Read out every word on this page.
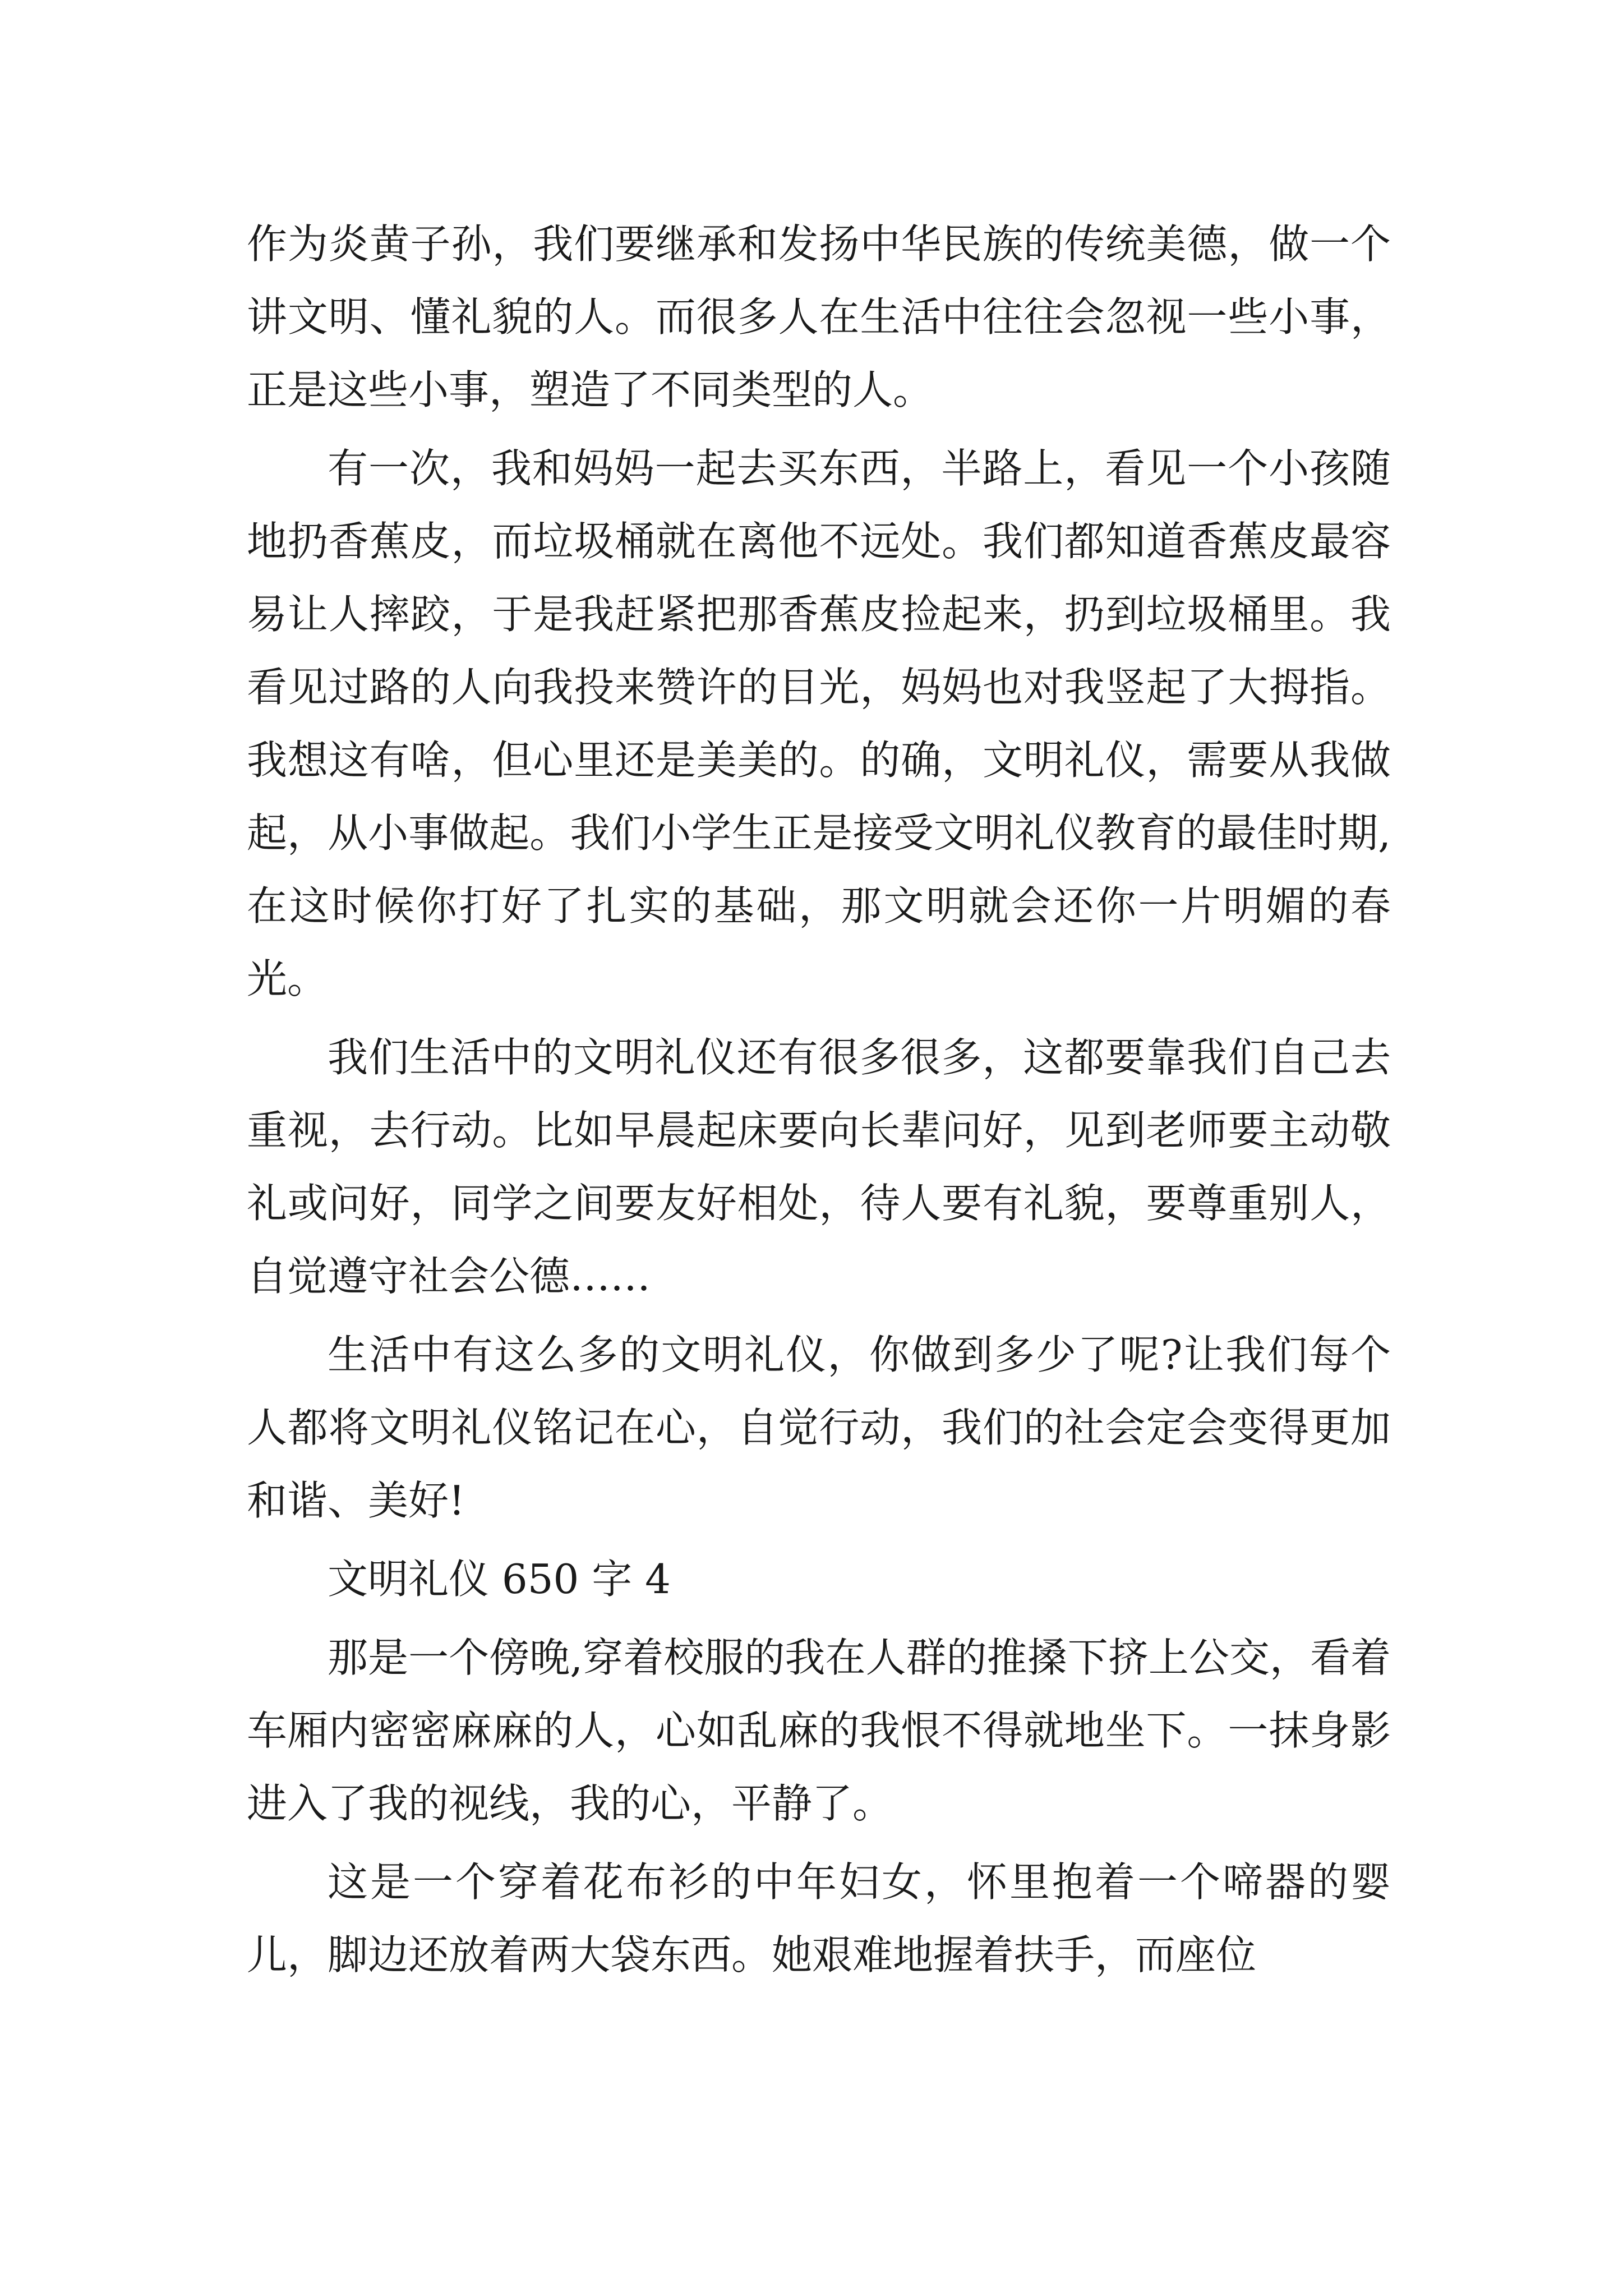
作为炎黄子孙，我们要继承和发扬中华民族的传统美德，做一个讲文明、懂礼貌的人。而很多人在生活中往往会忽视一些小事，正是这些小事，塑造了不同类型的人。

有一次，我和妈妈一起去买东西，半路上，看见一个小孩随地扔香蕉皮，而垃圾桶就在离他不远处。我们都知道香蕉皮最容易让人摔跤，于是我赶紧把那香蕉皮捡起来，扔到垃圾桶里。我看见过路的人向我投来赞许的目光，妈妈也对我竖起了大拇指。我想这有啥，但心里还是美美的。的确，文明礼仪，需要从我做起，从小事做起。我们小学生正是接受文明礼仪教育的最佳时期,在这时候你打好了扎实的基础，那文明就会还你一片明媚的春光。

我们生活中的文明礼仪还有很多很多，这都要靠我们自己去重视，去行动。比如早晨起床要向长辈问好，见到老师要主动敬礼或问好，同学之间要友好相处，待人要有礼貌，要尊重别人，自觉遵守社会公德……

生活中有这么多的文明礼仪，你做到多少了呢?让我们每个人都将文明礼仪铭记在心，自觉行动，我们的社会定会变得更加和谐、美好!

文明礼仪 650 字 4

那是一个傍晚,穿着校服的我在人群的推搡下挤上公交，看着车厢内密密麻麻的人，心如乱麻的我恨不得就地坐下。一抹身影进入了我的视线，我的心，平静了。

这是一个穿着花布衫的中年妇女，怀里抱着一个啼器的婴儿，脚边还放着两大袋东西。她艰难地握着扶手，而座位
